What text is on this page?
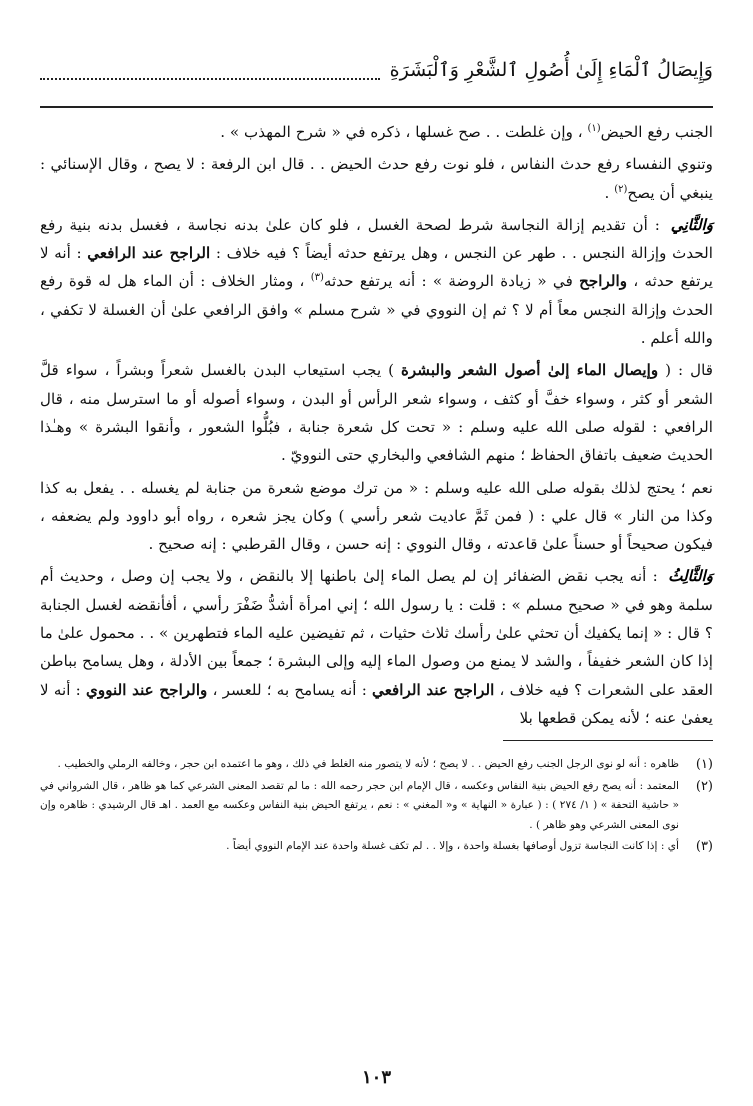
وَإِيصَالُ ٱلْمَاءِ إِلَىٰ أُصُولِ ٱلشَّعْرِ وَٱلْبَشَرَةِ

الجنب رفع الحيض$^{(١)}$ ، وإن غلطت . . صح غسلها ، ذكره في « شرح المهذب » .

وتنوي النفساء رفع حدث النفاس ، فلو نوت رفع حدث الحيض . . قال ابن الرفعة : لا يصح ، وقال الإسنائي : ينبغي أن يصح$^{(٢)}$ .

وَالثَّانِي : أن تقديم إزالة النجاسة شرط لصحة الغسل ، فلو كان علىٰ بدنه نجاسة ، فغسل بدنه بنية رفع الحدث وإزالة النجس . . طهر عن النجس ، وهل يرتفع حدثه أيضاً ؟ فيه خلاف : الراجح عند الرافعي : أنه لا يرتفع حدثه ، والراجح في « زيادة الروضة » : أنه يرتفع حدثه$^{(٣)}$ ، ومثار الخلاف : أن الماء هل له قوة رفع الحدث وإزالة النجس معاً أم لا ؟ ثم إن النووي في « شرح مسلم » وافق الرافعي علىٰ أن الغسلة لا تكفي ، والله أعلم .

قال : ( وإيصال الماء إلىٰ أصول الشعر والبشرة ) يجب استيعاب البدن بالغسل شعراً وبشراً ، سواء قلَّ الشعر أو كثر ، وسواء خفَّ أو كثف ، وسواء شعر الرأس أو البدن ، وسواء أصوله أو ما استرسل منه ، قال الرافعي : لقوله صلى الله عليه وسلم : « تحت كل شعرة جنابة ، فبُلُّوا الشعور ، وأنقوا البشرة » وهـٰذا الحديث ضعيف باتفاق الحفاظ ؛ منهم الشافعي والبخاري حتى النوويّ .

نعم ؛ يحتج لذلك بقوله صلى الله عليه وسلم : « من ترك موضع شعرة من جنابة لم يغسله . . يفعل به كذا وكذا من النار » قال علي : ( فمن ثَمَّ عاديت شعر رأسي ) وكان يجز شعره ، رواه أبو داوود ولم يضعفه ، فيكون صحيحاً أو حسناً علىٰ قاعدته ، وقال النووي : إنه حسن ، وقال القرطبي : إنه صحيح .

وَالثَّالِثُ : أنه يجب نقض الضفائر إن لم يصل الماء إلىٰ باطنها إلا بالنقض ، ولا يجب إن وصل ، وحديث أم سلمة وهو في « صحيح مسلم » : قلت : يا رسول الله ؛ إني امرأة أشدُّ ضَفْرَ رأسي ، أفأنقضه لغسل الجنابة ؟ قال : « إنما يكفيك أن تحثي علىٰ رأسك ثلاث حثيات ، ثم تفيضين عليه الماء فتطهرين » . . محمول علىٰ ما إذا كان الشعر خفيفاً ، والشد لا يمنع من وصول الماء إليه وإلى البشرة ؛ جمعاً بين الأدلة ، وهل يسامح بباطن العقد على الشعرات ؟ فيه خلاف ، الراجح عند الرافعي : أنه يسامح به ؛ للعسر ، والراجح عند النووي : أنه لا يعفىٰ عنه ؛ لأنه يمكن قطعها بلا

(١)
ظاهره : أنه لو نوى الرجل الجنب رفع الحيض . . لا يصح ؛ لأنه لا يتصور منه الغلط في ذلك ، وهو ما اعتمده ابن حجر ، وخالفه الرملي والخطيب .
(٢)
المعتمد : أنه يصح رفع الحيض بنية النفاس وعكسه ، قال الإمام ابن حجر رحمه الله : ما لم تقصد المعنى الشرعي كما هو ظاهر ، قال الشرواني في « حاشية التحفة » ( ١/ ٢٧٤ ) : ( عبارة « النهاية » و« المغني » : نعم ، يرتفع الحيض بنية النفاس وعكسه مع العمد . اهـ قال الرشيدي : ظاهره وإن نوى المعنى الشرعي وهو ظاهر ) .
(٣)
أي : إذا كانت النجاسة تزول أوصافها بغسلة واحدة ، وإلا . . لم تكف غسلة واحدة عند الإمام النووي أيضاً .
١٠٣
